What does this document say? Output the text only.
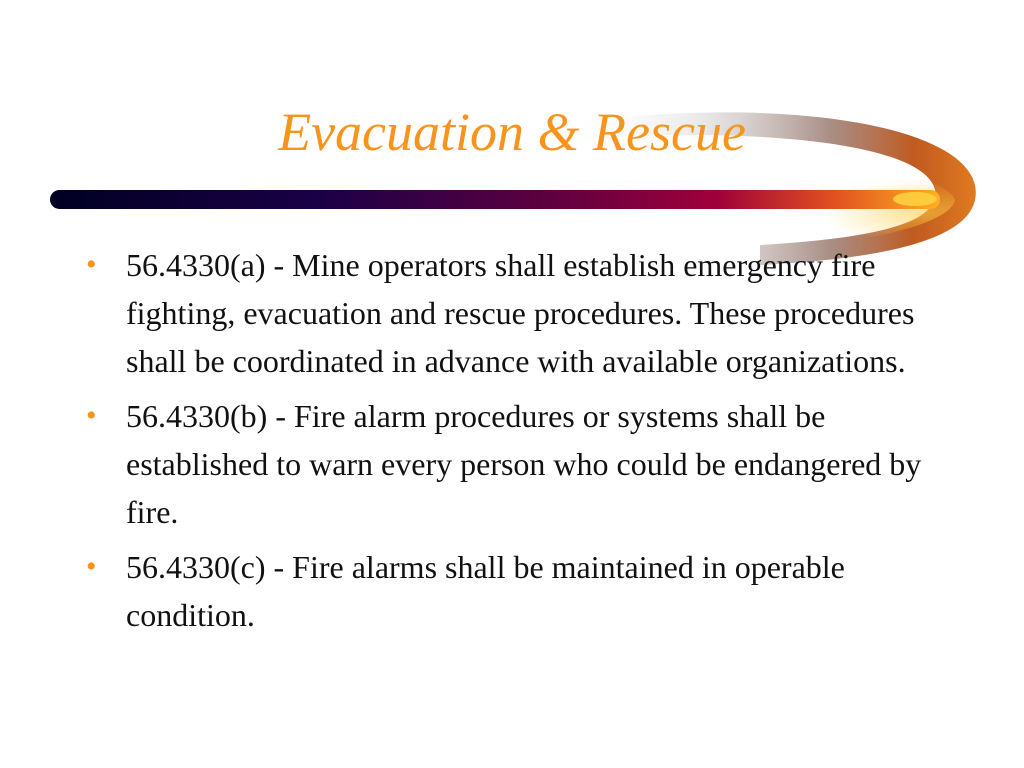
Evacuation & Rescue
• 56.4330(a) - Mine operators shall establish emergency fire fighting, evacuation and rescue procedures. These procedures shall be coordinated in advance with available organizations.
• 56.4330(b) - Fire alarm procedures or systems shall be established to warn every person who could be endangered by fire.
• 56.4330(c) - Fire alarms shall be maintained in operable condition.
